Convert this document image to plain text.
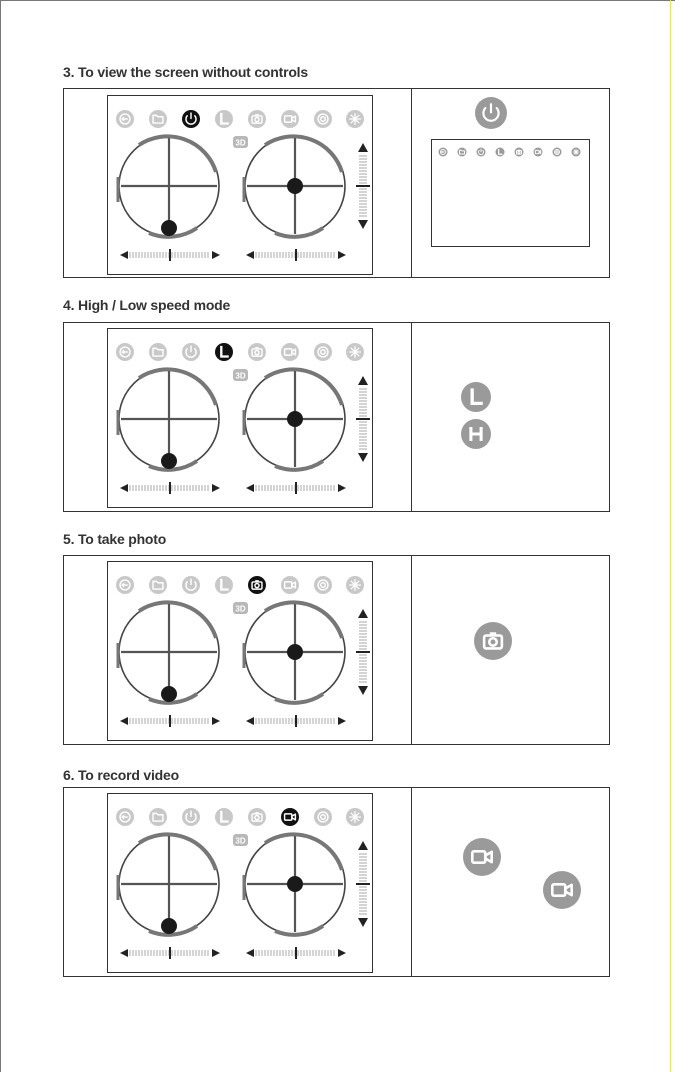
3. To view the screen without controls
3D
4. High / Low speed mode
3D
5. To take photo
3D
6. To record video
3D
